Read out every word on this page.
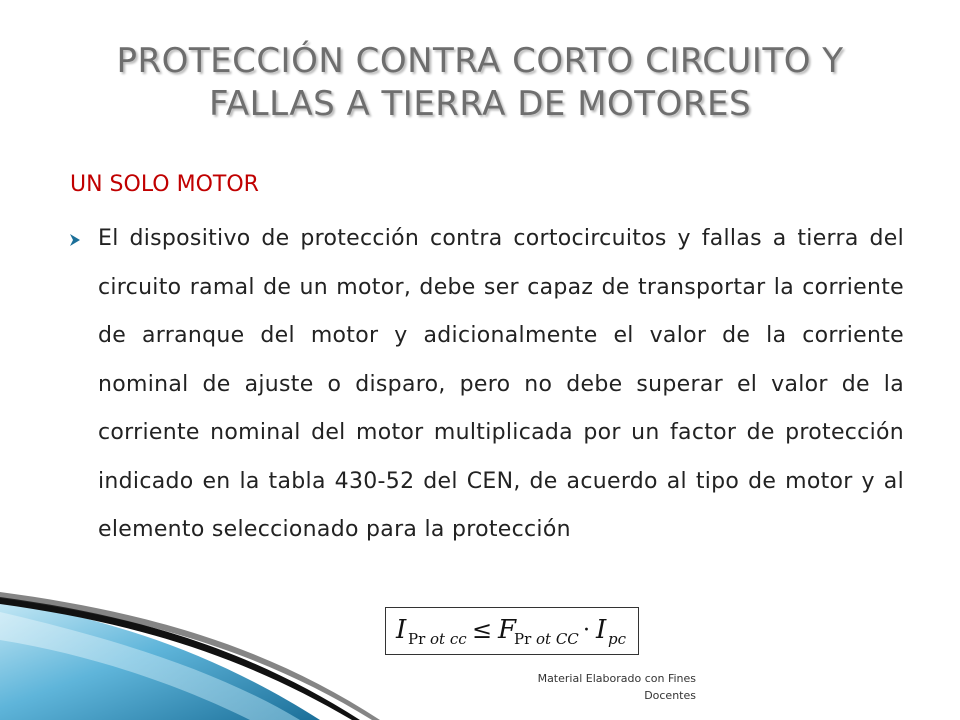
PROTECCIÓN CONTRA CORTO CIRCUITO Y FALLAS A TIERRA DE MOTORES
UN SOLO MOTOR

El dispositivo de protección contra cortocircuitos y fallas a tierra del circuito ramal de un motor, debe ser capaz de transportar la corriente de arranque del motor y adicionalmente el valor de la corriente nominal de ajuste o disparo, pero no debe superar el valor de la corriente nominal del motor multiplicada por un factor de protección indicado en la tabla 430-52 del CEN, de acuerdo al tipo de motor y al elemento seleccionado para la protección

I Pr ot cc ≤ F
Pr ot CC · I pc
Material Elaborado con Fines
Docentes
